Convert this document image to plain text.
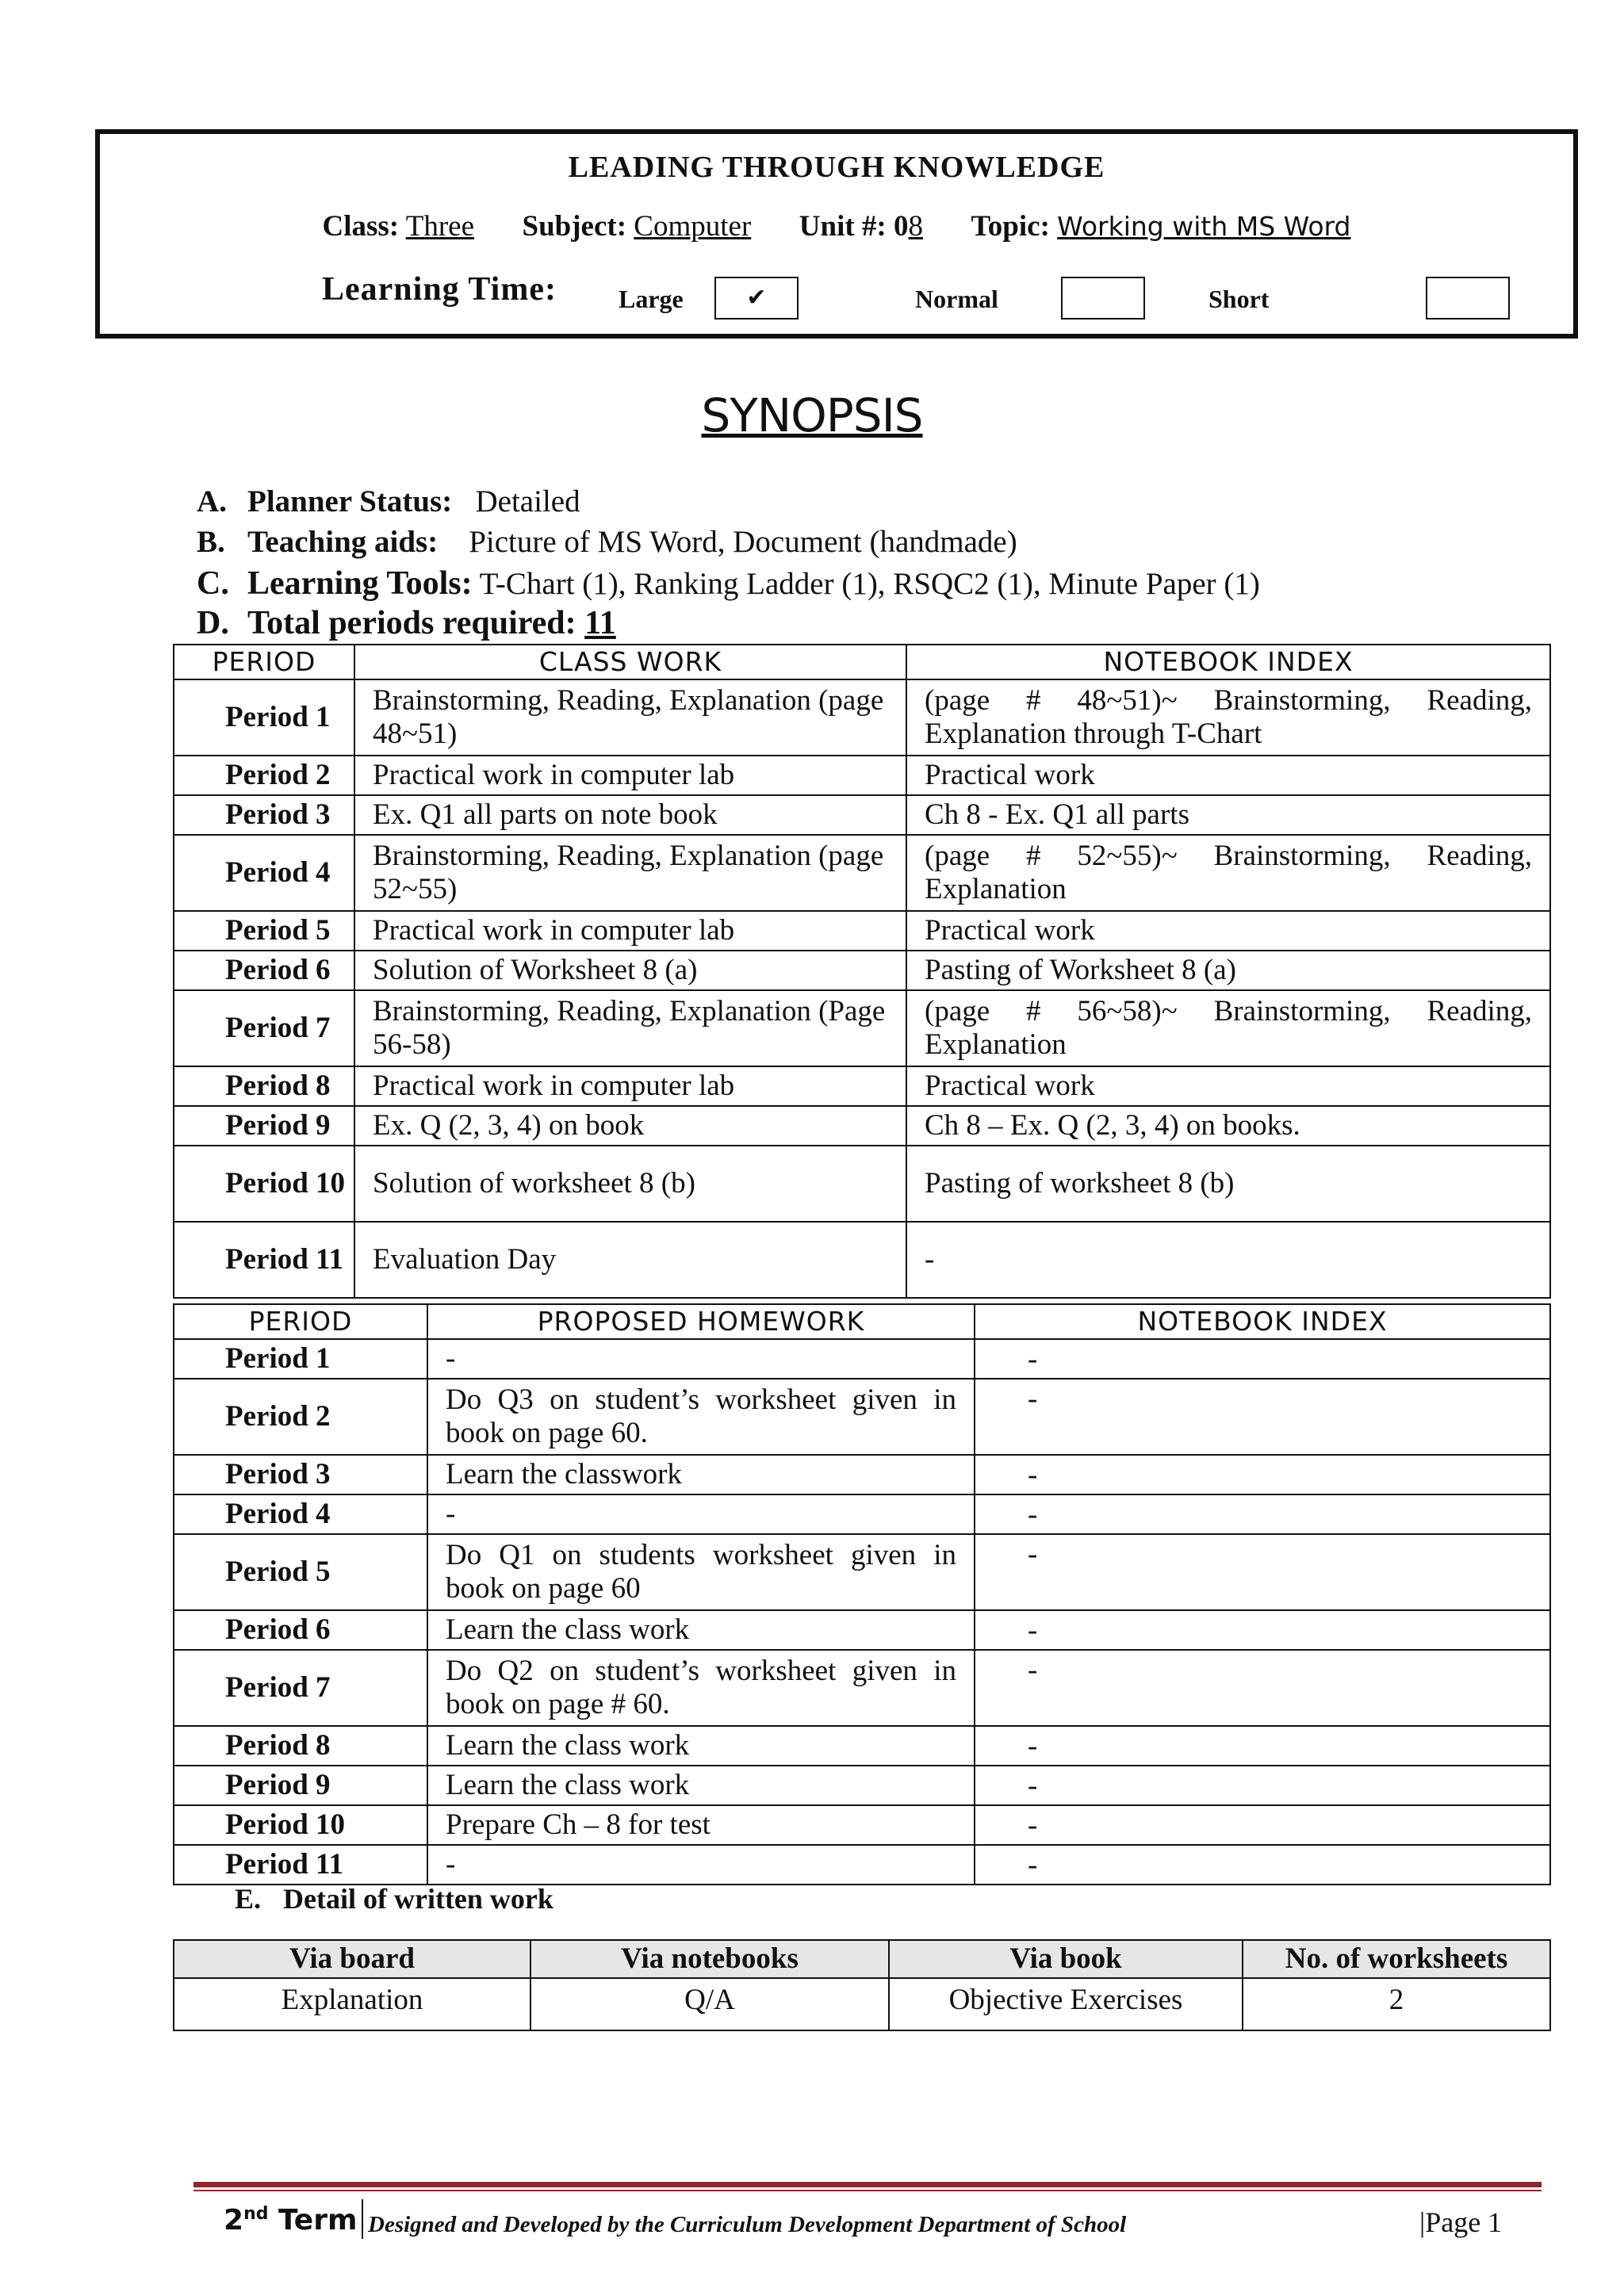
LEADING THROUGH KNOWLEDGE
Class: Three Subject: Computer Unit #: 08 Topic: Working with MS Word
Learning Time: Large	✔	Normal	Short
SYNOPSIS
A. Planner Status: Detailed
B. Teaching aids: Picture of MS Word, Document (handmade)
C. Learning Tools: T-Chart (1), Ranking Ladder (1), RSQC2 (1), Minute Paper (1)
D. Total periods required: 11
PERIOD	CLASS WORK	NOTEBOOK INDEX
Period 1	Brainstorming, Reading, Explanation (page 48~51)	(page # 48~51)~ Brainstorming, Reading, Explanation through T-Chart
Period 2	Practical work in computer lab	Practical work
Period 3	Ex. Q1 all parts on note book	Ch 8 - Ex. Q1 all parts
Period 4	Brainstorming, Reading, Explanation (page 52~55)	(page # 52~55)~ Brainstorming, Reading, Explanation
Period 5	Practical work in computer lab	Practical work
Period 6	Solution of Worksheet 8 (a)	Pasting of Worksheet 8 (a)
Period 7	Brainstorming, Reading, Explanation (Page 56-58)	(page # 56~58)~ Brainstorming, Reading, Explanation
Period 8	Practical work in computer lab	Practical work
Period 9	Ex. Q (2, 3, 4) on book	Ch 8 – Ex. Q (2, 3, 4) on books.
Period 10	Solution of worksheet 8 (b)	Pasting of worksheet 8 (b)
Period 11	Evaluation Day	-
PERIOD	PROPOSED HOMEWORK	NOTEBOOK INDEX
Period 1	-	-
Period 2	Do Q3 on student’s worksheet given in book on page 60.	-
Period 3	Learn the classwork	-
Period 4	-	-
Period 5	Do Q1 on students worksheet given in book on page 60	-
Period 6	Learn the class work	-
Period 7	Do Q2 on student’s worksheet given in book on page # 60.	-
Period 8	Learn the class work	-
Period 9	Learn the class work	-
Period 10	Prepare Ch – 8 for test	-
Period 11	-	-
E. Detail of written work
Via board	Via notebooks	Via book	No. of worksheets
Explanation	Q/A	Objective Exercises	2
2nd Term Designed and Developed by the Curriculum Development Department of School	|Page 1
